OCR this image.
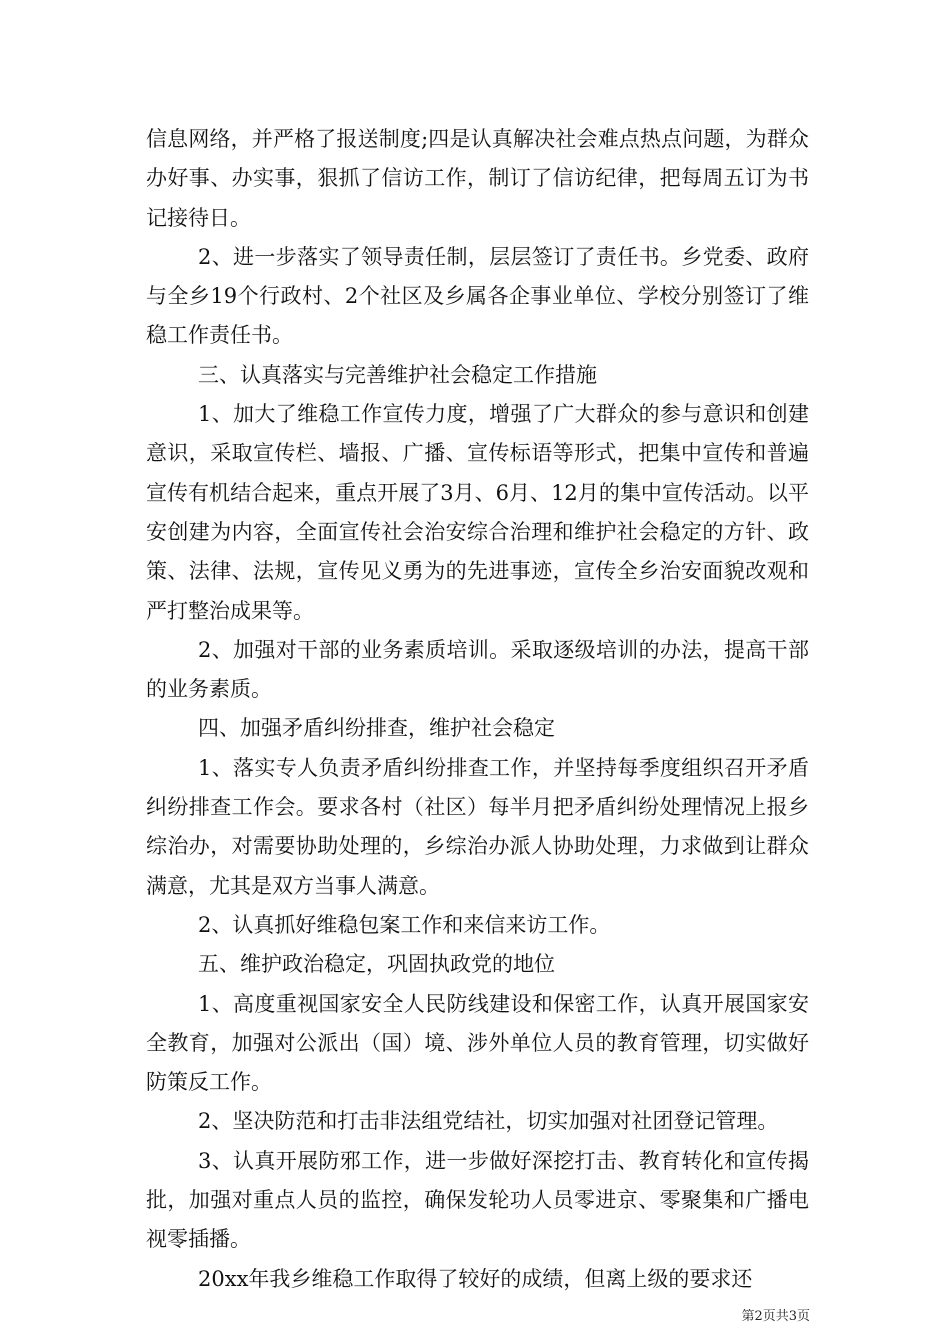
信息网络，并严格了报送制度;四是认真解决社会难点热点问题，为群众办好事、办实事，狠抓了信访工作，制订了信访纪律，把每周五订为书记接待日。

2、进一步落实了领导责任制，层层签订了责任书。乡党委、政府与全乡19个行政村、2个社区及乡属各企事业单位、学校分别签订了维稳工作责任书。

三、认真落实与完善维护社会稳定工作措施

1、加大了维稳工作宣传力度，增强了广大群众的参与意识和创建意识，采取宣传栏、墙报、广播、宣传标语等形式，把集中宣传和普遍宣传有机结合起来，重点开展了3月、6月、12月的集中宣传活动。以平安创建为内容，全面宣传社会治安综合治理和维护社会稳定的方针、政策、法律、法规，宣传见义勇为的先进事迹，宣传全乡治安面貌改观和严打整治成果等。

2、加强对干部的业务素质培训。采取逐级培训的办法，提高干部的业务素质。

四、加强矛盾纠纷排查，维护社会稳定

1、落实专人负责矛盾纠纷排查工作，并坚持每季度组织召开矛盾纠纷排查工作会。要求各村（社区）每半月把矛盾纠纷处理情况上报乡综治办，对需要协助处理的，乡综治办派人协助处理，力求做到让群众满意，尤其是双方当事人满意。

2、认真抓好维稳包案工作和来信来访工作。

五、维护政治稳定，巩固执政党的地位

1、高度重视国家安全人民防线建设和保密工作，认真开展国家安全教育，加强对公派出（国）境、涉外单位人员的教育管理，切实做好防策反工作。

2、坚决防范和打击非法组党结社，切实加强对社团登记管理。

3、认真开展防邪工作，进一步做好深挖打击、教育转化和宣传揭批，加强对重点人员的监控，确保发轮功人员零进京、零聚集和广播电视零插播。

20xx年我乡维稳工作取得了较好的成绩，但离上级的要求还

第2页共3页
